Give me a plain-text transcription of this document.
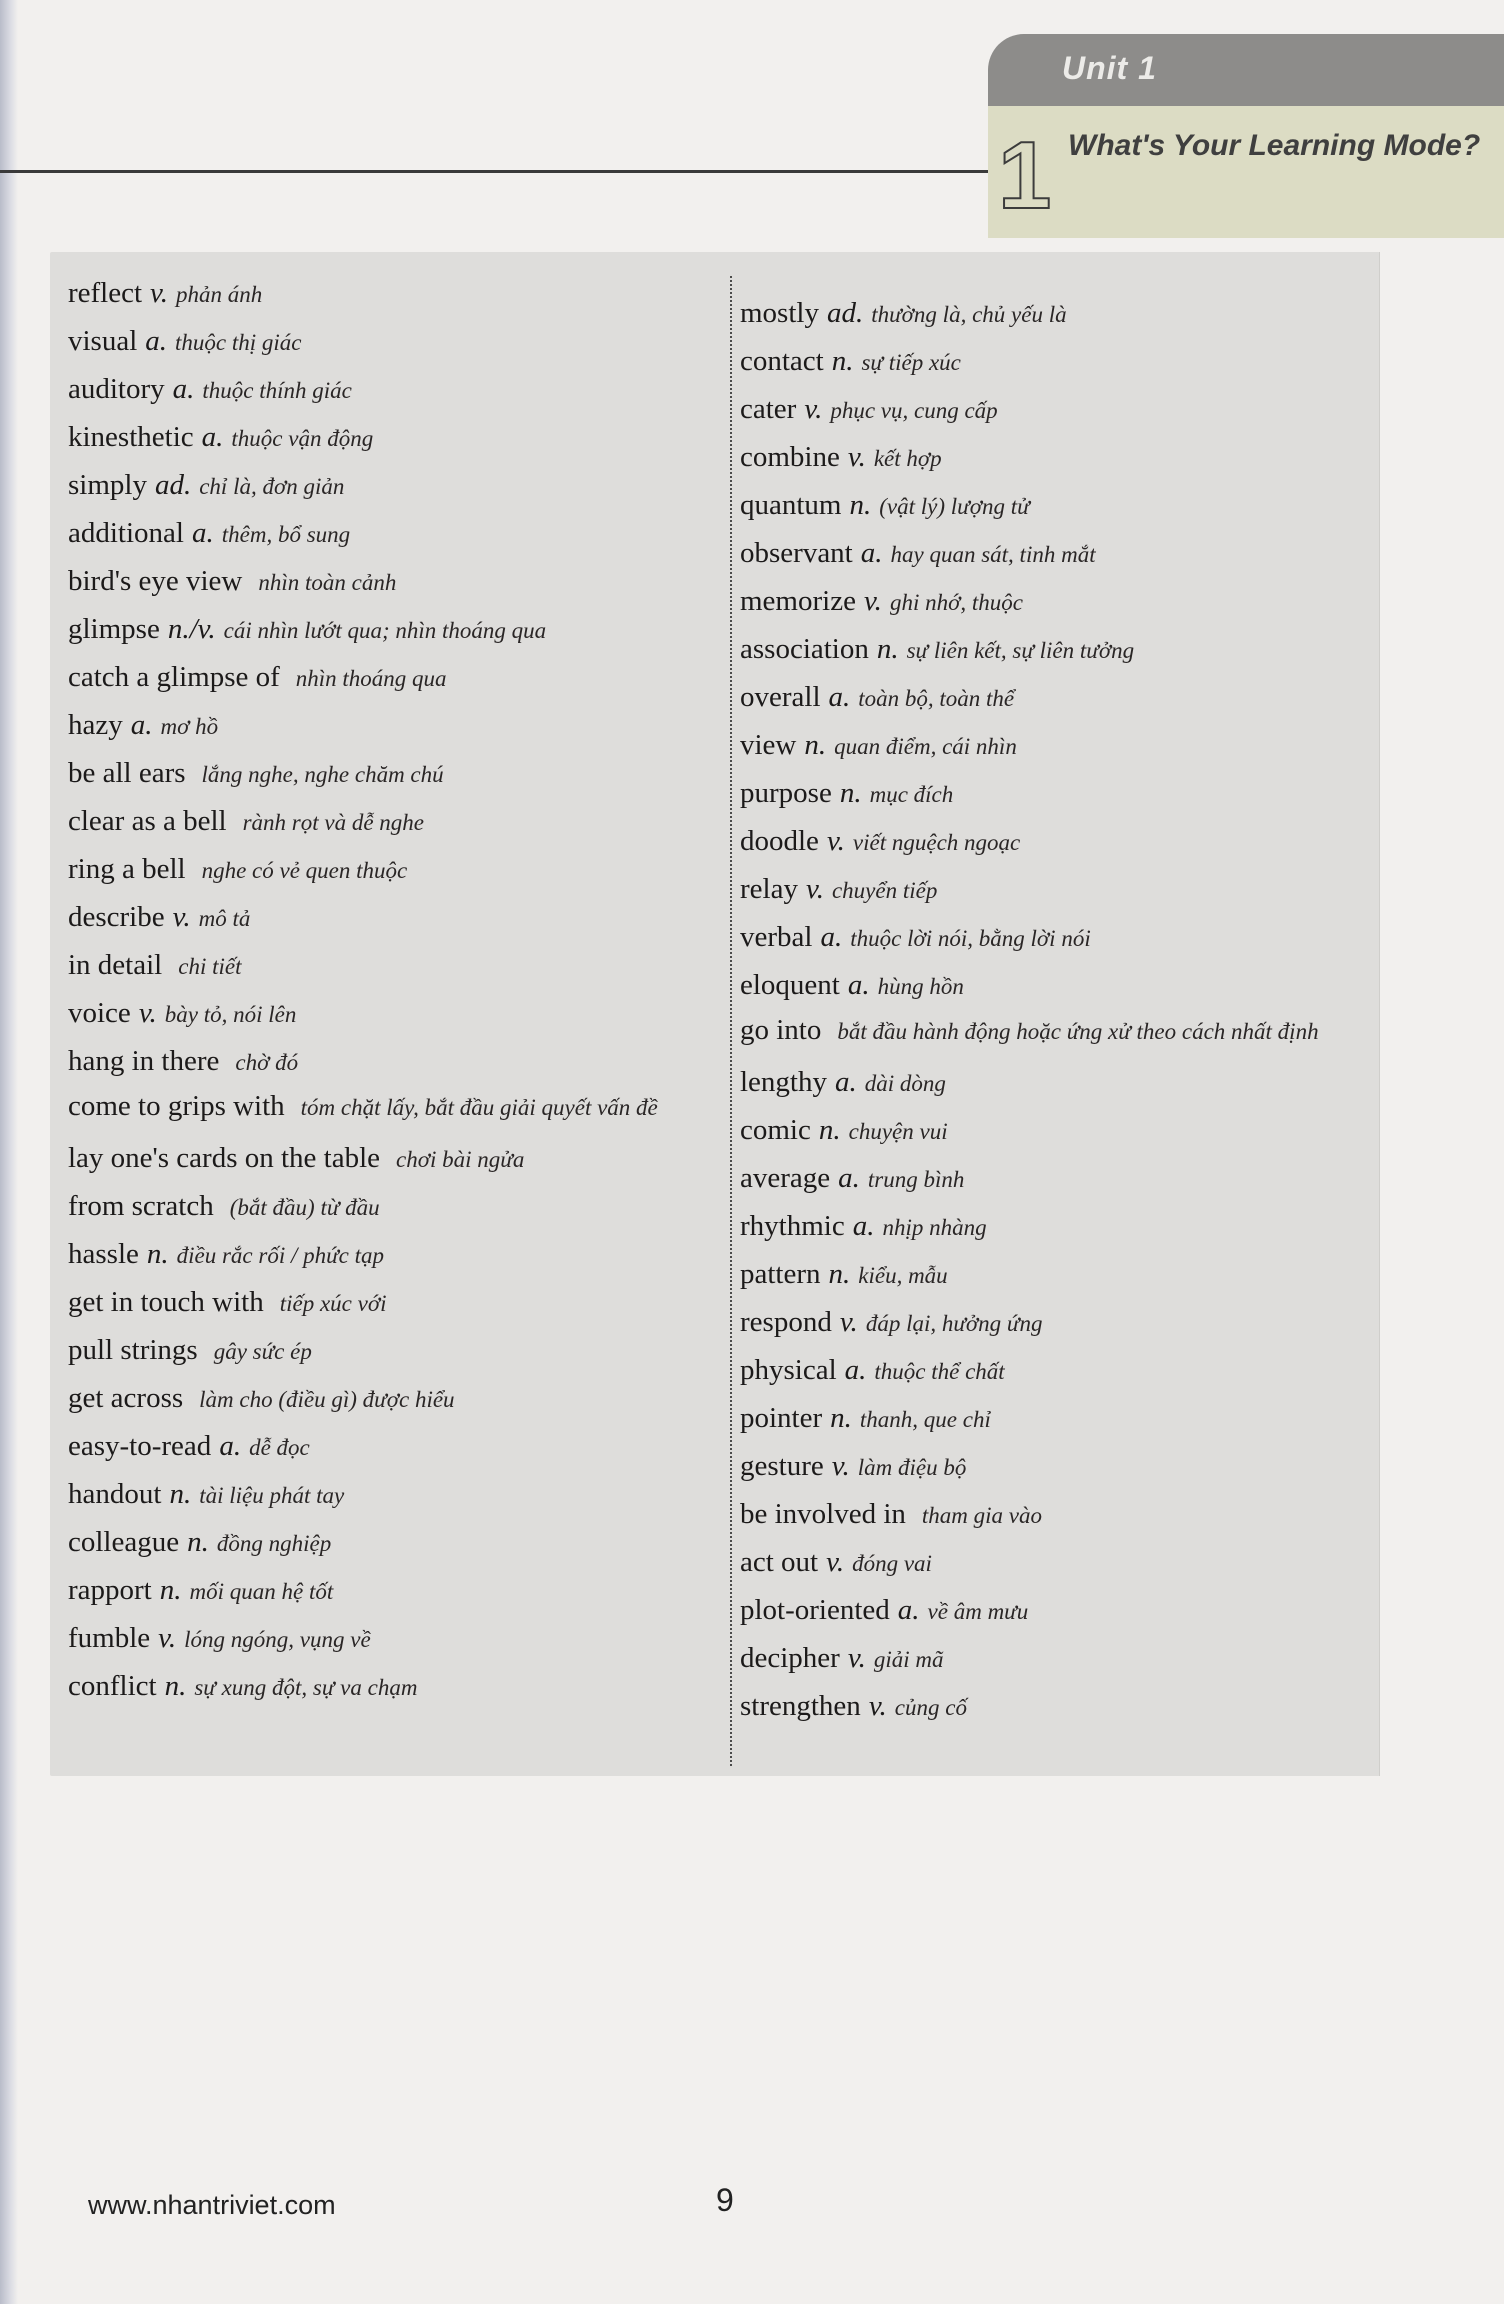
Unit 1
1 What's Your Learning Mode?
reflect v. phản ánh
visual a. thuộc thị giác
auditory a. thuộc thính giác
kinesthetic a. thuộc vận động
simply ad. chỉ là, đơn giản
additional a. thêm, bổ sung
bird's eye view nhìn toàn cảnh
glimpse n./v. cái nhìn lướt qua; nhìn thoáng qua
catch a glimpse of nhìn thoáng qua
hazy a. mơ hồ
be all ears lắng nghe, nghe chăm chú
clear as a bell rành rọt và dễ nghe
ring a bell nghe có vẻ quen thuộc
describe v. mô tả
in detail chi tiết
voice v. bày tỏ, nói lên
hang in there chờ đó
come to grips with tóm chặt lấy, bắt đầu giải quyết vấn đề
lay one's cards on the table chơi bài ngửa
from scratch (bắt đầu) từ đầu
hassle n. điều rắc rối / phức tạp
get in touch with tiếp xúc với
pull strings gây sức ép
get across làm cho (điều gì) được hiểu
easy-to-read a. dễ đọc
handout n. tài liệu phát tay
colleague n. đồng nghiệp
rapport n. mối quan hệ tốt
fumble v. lóng ngóng, vụng về
conflict n. sự xung đột, sự va chạm
mostly ad. thường là, chủ yếu là
contact n. sự tiếp xúc
cater v. phục vụ, cung cấp
combine v. kết hợp
quantum n. (vật lý) lượng tử
observant a. hay quan sát, tinh mắt
memorize v. ghi nhớ, thuộc
association n. sự liên kết, sự liên tưởng
overall a. toàn bộ, toàn thể
view n. quan điểm, cái nhìn
purpose n. mục đích
doodle v. viết nguệch ngoạc
relay v. chuyển tiếp
verbal a. thuộc lời nói, bằng lời nói
eloquent a. hùng hồn
go into bắt đầu hành động hoặc ứng xử theo cách nhất định
lengthy a. dài dòng
comic n. chuyện vui
average a. trung bình
rhythmic a. nhịp nhàng
pattern n. kiểu, mẫu
respond v. đáp lại, hưởng ứng
physical a. thuộc thể chất
pointer n. thanh, que chỉ
gesture v. làm điệu bộ
be involved in tham gia vào
act out v. đóng vai
plot-oriented a. về âm mưu
decipher v. giải mã
strengthen v. củng cố
www.nhantriviet.com	9
